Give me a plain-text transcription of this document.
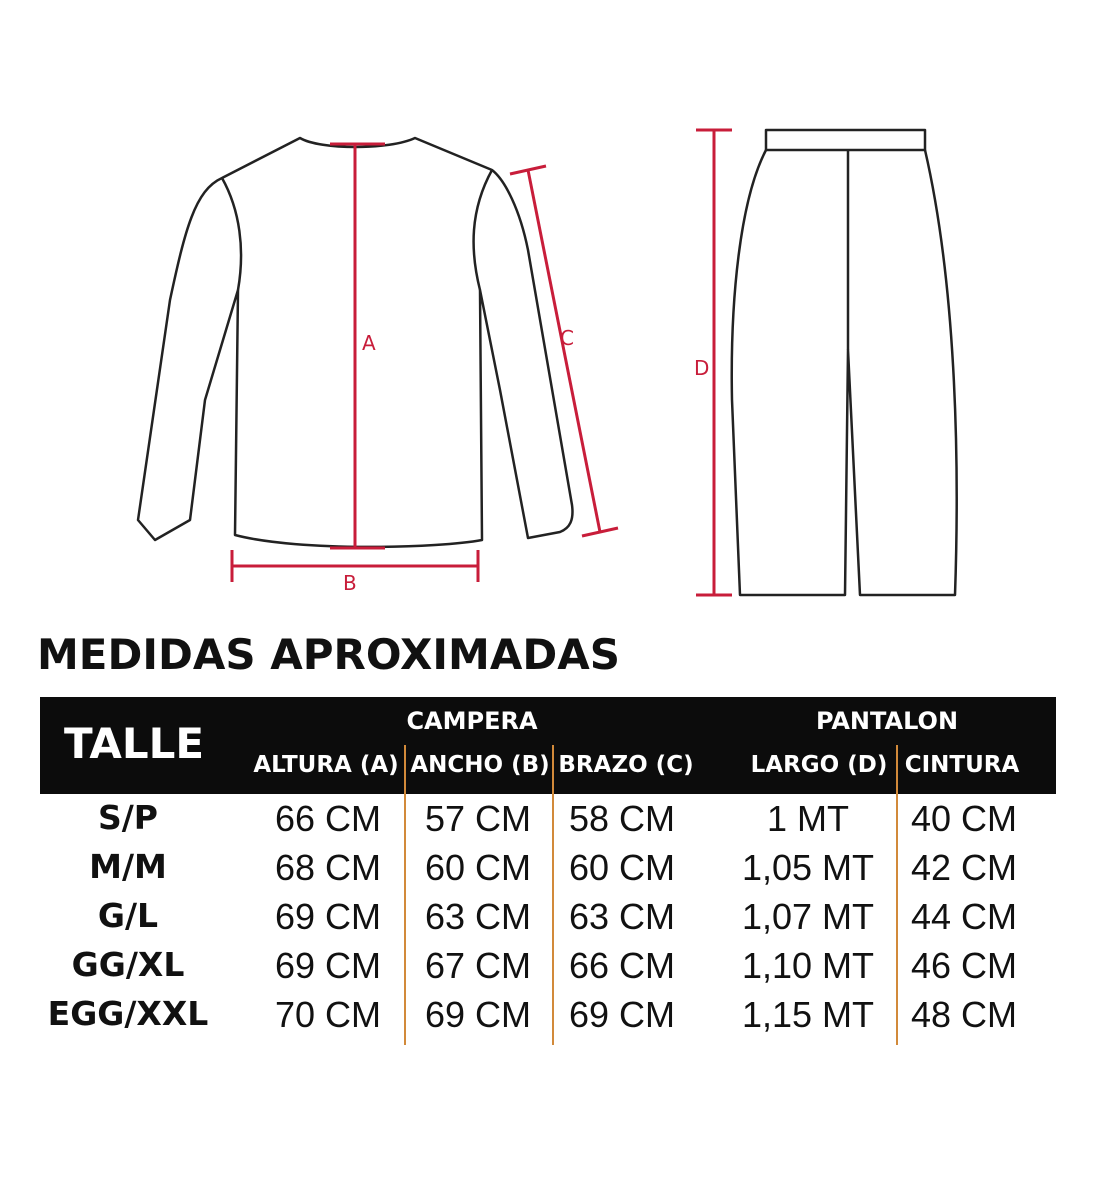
A
B
C
D
MEDIDAS APROXIMADAS
TALLE	CAMPERA	PANTALON
ALTURA (A) ANCHO (B) BRAZO (C) LARGO (D) CINTURA
S/P	66 CM 57 CM 58 CM	1 MT 40 CM
M/M	68 CM 60 CM 60 CM 1,05 MT 42 CM
G/L	69 CM 63 CM 63 CM 1,07 MT 44 CM
GG/XL	69 CM 67 CM 66 CM 1,10 MT 46 CM
EGG/XXL 70 CM 69 CM 69 CM 1,15 MT 48 CM
